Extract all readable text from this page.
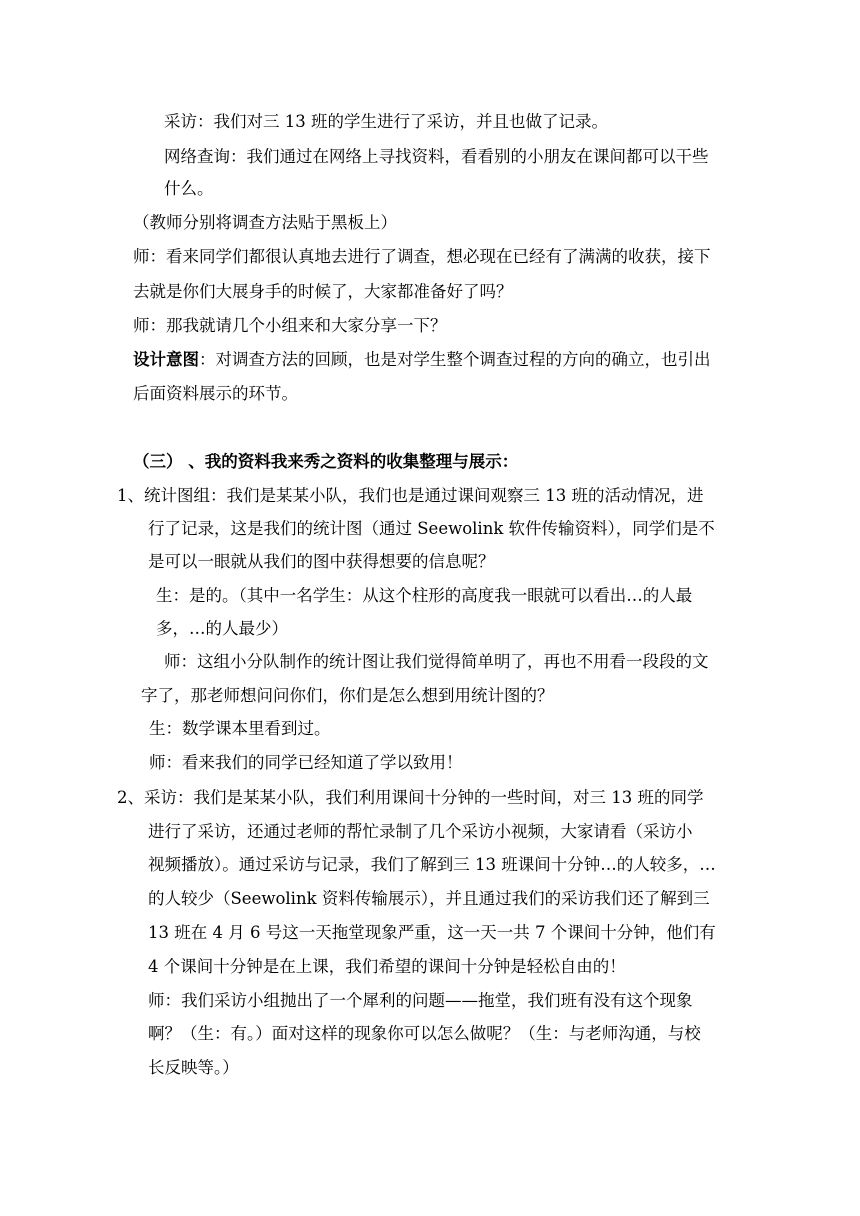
采访：我们对三 13 班的学生进行了采访，并且也做了记录。
网络查询：我们通过在网络上寻找资料，看看别的小朋友在课间都可以干些
什么。
（教师分别将调查方法贴于黑板上）
师：看来同学们都很认真地去进行了调查，想必现在已经有了满满的收获，接下
去就是你们大展身手的时候了，大家都准备好了吗？
师：那我就请几个小组来和大家分享一下？
设计意图：对调查方法的回顾，也是对学生整个调查过程的方向的确立，也引出
后面资料展示的环节。
（三） 、我的资料我来秀之资料的收集整理与展示：
1、统计图组：我们是某某小队，我们也是通过课间观察三 13 班的活动情况，进
行了记录，这是我们的统计图（通过 Seewolink 软件传输资料），同学们是不
是可以一眼就从我们的图中获得想要的信息呢？
生：是的。（其中一名学生：从这个柱形的高度我一眼就可以看出…的人最
多，…的人最少）
师：这组小分队制作的统计图让我们觉得简单明了，再也不用看一段段的文
字了，那老师想问问你们，你们是怎么想到用统计图的？
生：数学课本里看到过。
师：看来我们的同学已经知道了学以致用！
2、采访：我们是某某小队，我们利用课间十分钟的一些时间，对三 13 班的同学
进行了采访，还通过老师的帮忙录制了几个采访小视频，大家请看（采访小
视频播放）。通过采访与记录，我们了解到三 13 班课间十分钟…的人较多，…
的人较少（Seewolink 资料传输展示），并且通过我们的采访我们还了解到三
13 班在 4 月 6 号这一天拖堂现象严重，这一天一共 7 个课间十分钟，他们有
4 个课间十分钟是在上课，我们希望的课间十分钟是轻松自由的！
师：我们采访小组抛出了一个犀利的问题——拖堂，我们班有没有这个现象
啊？（生：有。）面对这样的现象你可以怎么做呢？（生：与老师沟通，与校
长反映等。）
